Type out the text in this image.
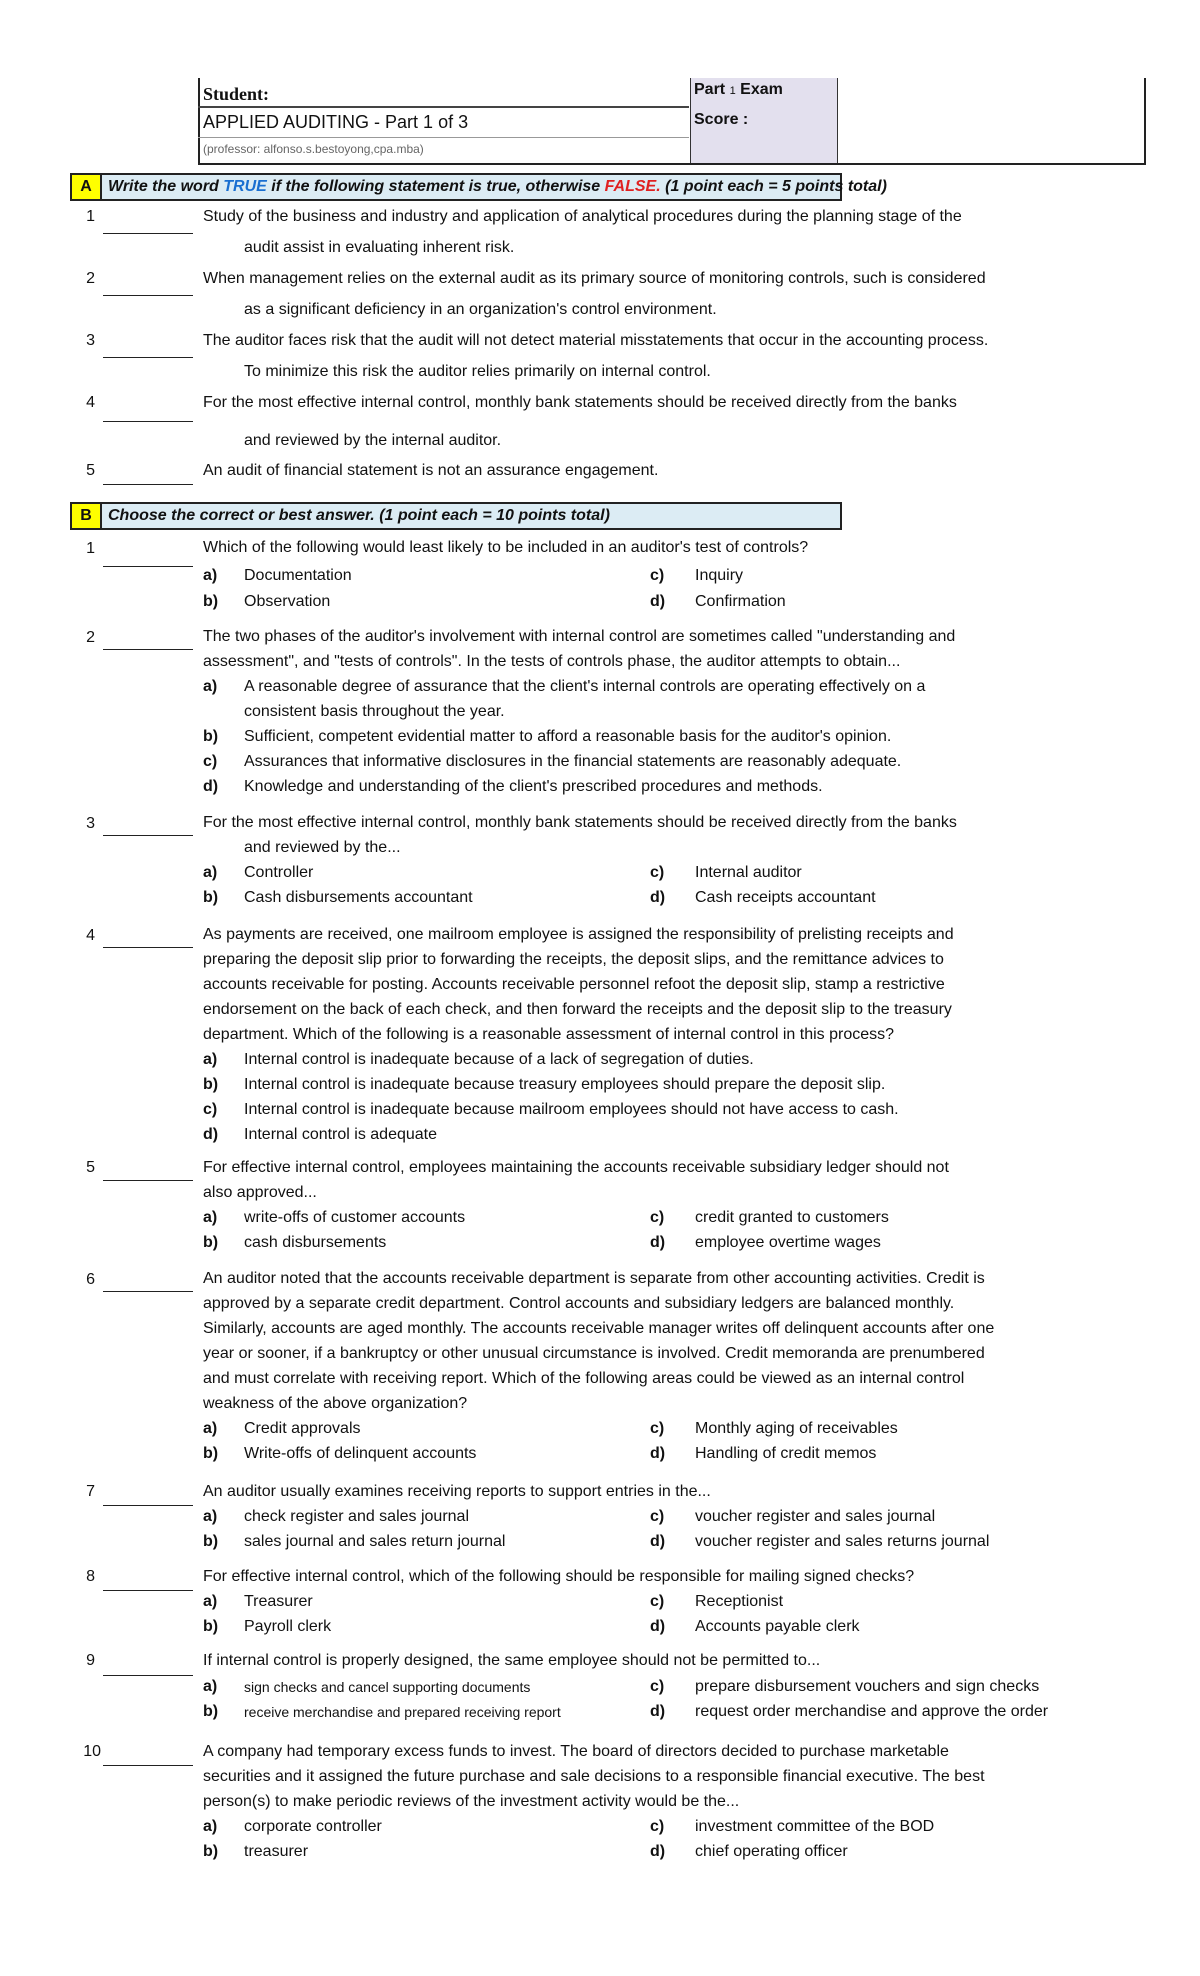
Student:
APPLIED AUDITING - Part 1 of 3
(professor: alfonso.s.bestoyong,cpa.mba)
Part 1 Exam
Score :
A	Write the word TRUE if the following statement is true, otherwise FALSE. (1 point each = 5 points total)
1	Study of the business and industry and application of analytical procedures during the planning stage of the
audit assist in evaluating inherent risk.
2	When management relies on the external audit as its primary source of monitoring controls, such is considered
as a significant deficiency in an organization's control environment.
3	The auditor faces risk that the audit will not detect material misstatements that occur in the accounting process.
To minimize this risk the auditor relies primarily on internal control.
4	For the most effective internal control, monthly bank statements should be received directly from the banks
and reviewed by the internal auditor.
5	An audit of financial statement is not an assurance engagement.
B	Choose the correct or best answer. (1 point each = 10 points total)
1	Which of the following would least likely to be included in an auditor's test of controls?
a) Documentation	c) Inquiry
b) Observation	d) Confirmation
2	The two phases of the auditor's involvement with internal control are sometimes called "understanding and
assessment", and "tests of controls". In the tests of controls phase, the auditor attempts to obtain...
a) A reasonable degree of assurance that the client's internal controls are operating effectively on a
consistent basis throughout the year.
b) Sufficient, competent evidential matter to afford a reasonable basis for the auditor's opinion.
c) Assurances that informative disclosures in the financial statements are reasonably adequate.
d) Knowledge and understanding of the client's prescribed procedures and methods.
3	For the most effective internal control, monthly bank statements should be received directly from the banks
and reviewed by the...
a) Controller	c) Internal auditor
b) Cash disbursements accountant	d) Cash receipts accountant
4	As payments are received, one mailroom employee is assigned the responsibility of prelisting receipts and
preparing the deposit slip prior to forwarding the receipts, the deposit slips, and the remittance advices to
accounts receivable for posting. Accounts receivable personnel refoot the deposit slip, stamp a restrictive
endorsement on the back of each check, and then forward the receipts and the deposit slip to the treasury
department. Which of the following is a reasonable assessment of internal control in this process?
a) Internal control is inadequate because of a lack of segregation of duties.
b) Internal control is inadequate because treasury employees should prepare the deposit slip.
c) Internal control is inadequate because mailroom employees should not have access to cash.
d) Internal control is adequate
5	For effective internal control, employees maintaining the accounts receivable subsidiary ledger should not
also approved...
a) write-offs of customer accounts	c) credit granted to customers
b) cash disbursements	d) employee overtime wages
6	An auditor noted that the accounts receivable department is separate from other accounting activities. Credit is
approved by a separate credit department. Control accounts and subsidiary ledgers are balanced monthly.
Similarly, accounts are aged monthly. The accounts receivable manager writes off delinquent accounts after one
year or sooner, if a bankruptcy or other unusual circumstance is involved. Credit memoranda are prenumbered
and must correlate with receiving report. Which of the following areas could be viewed as an internal control
weakness of the above organization?
a) Credit approvals	c) Monthly aging of receivables
b) Write-offs of delinquent accounts	d) Handling of credit memos
7	An auditor usually examines receiving reports to support entries in the...
a) check register and sales journal	c) voucher register and sales journal
b) sales journal and sales return journal	d) voucher register and sales returns journal
8	For effective internal control, which of the following should be responsible for mailing signed checks?
a) Treasurer	c) Receptionist
b) Payroll clerk	d) Accounts payable clerk
9	If internal control is properly designed, the same employee should not be permitted to...
a) sign checks and cancel supporting documents	c) prepare disbursement vouchers and sign checks
b) receive merchandise and prepared receiving report	d) request order merchandise and approve the order
10	A company had temporary excess funds to invest. The board of directors decided to purchase marketable
securities and it assigned the future purchase and sale decisions to a responsible financial executive. The best
person(s) to make periodic reviews of the investment activity would be the...
a) corporate controller	c) investment committee of the BOD
b) treasurer	d) chief operating officer
